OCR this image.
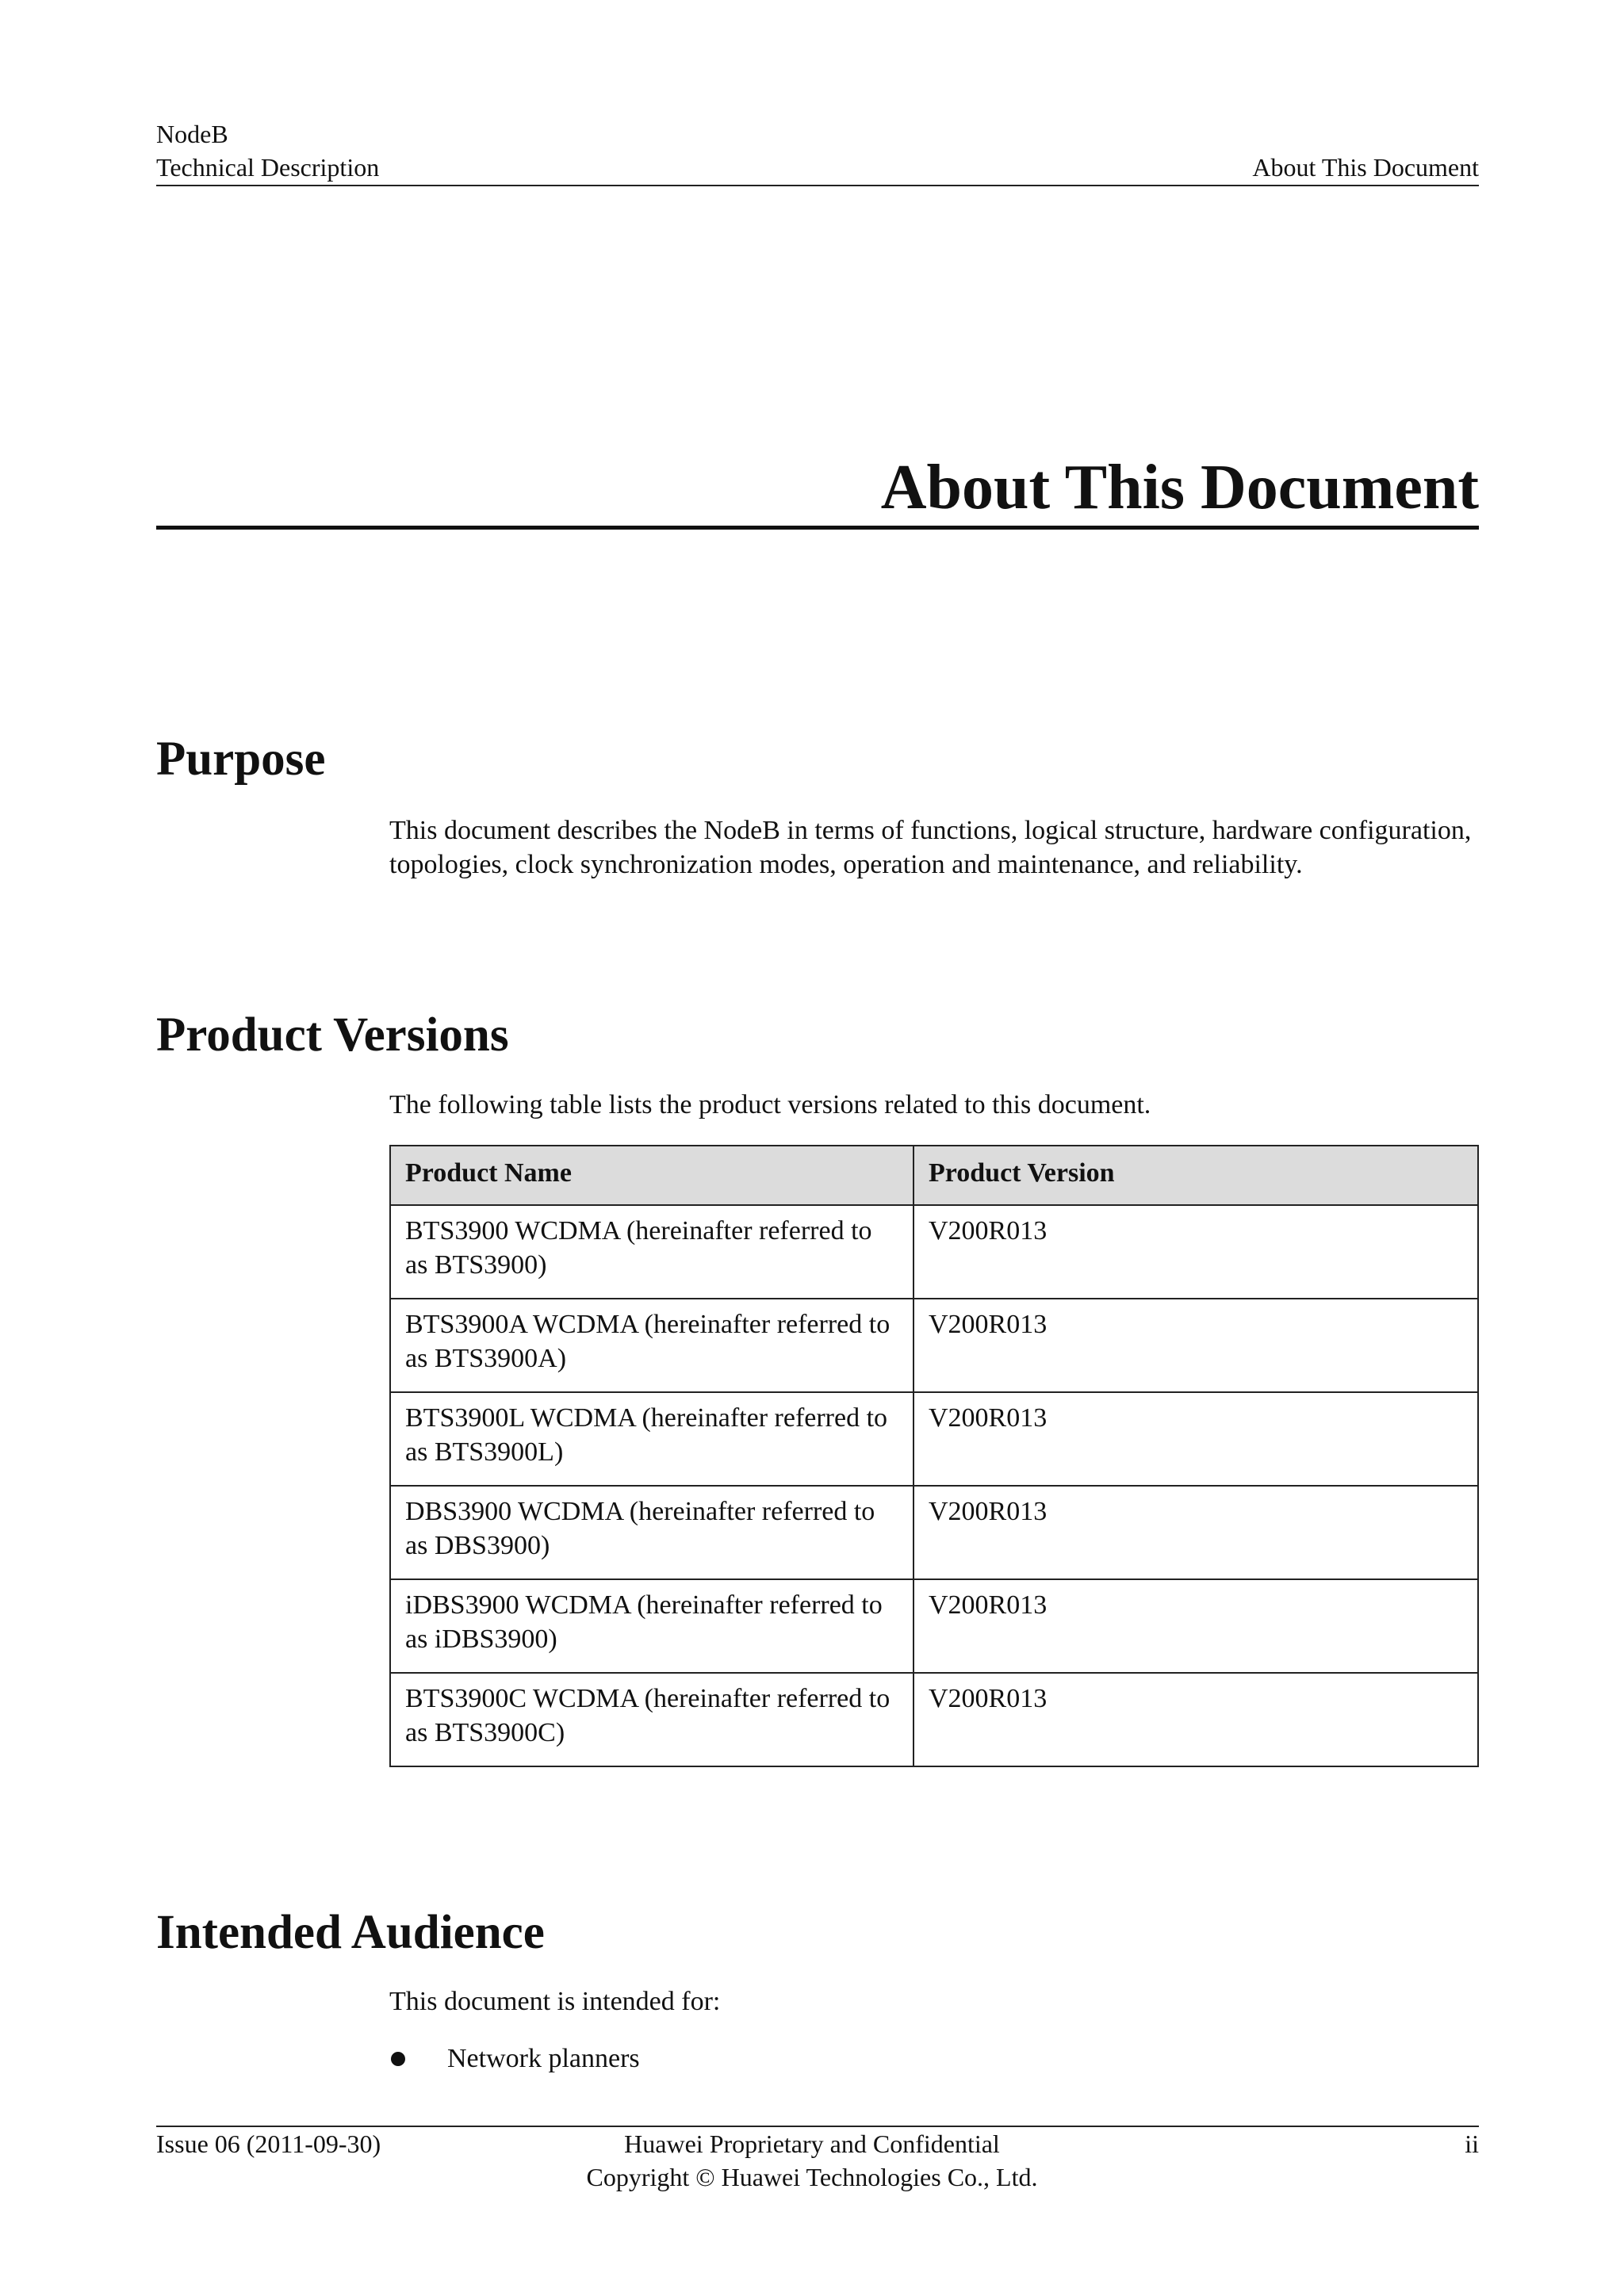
NodeB
Technical Description	About This Document
About This Document
Purpose
This document describes the NodeB in terms of functions, logical structure, hardware configuration, topologies, clock synchronization modes, operation and maintenance, and reliability.
Product Versions
The following table lists the product versions related to this document.
Product Name	Product Version
BTS3900 WCDMA (hereinafter referred to as BTS3900)	V200R013
BTS3900A WCDMA (hereinafter referred to as BTS3900A)	V200R013
BTS3900L WCDMA (hereinafter referred to as BTS3900L)	V200R013
DBS3900 WCDMA (hereinafter referred to as DBS3900)	V200R013
iDBS3900 WCDMA (hereinafter referred to as iDBS3900)	V200R013
BTS3900C WCDMA (hereinafter referred to as BTS3900C)	V200R013
Intended Audience
This document is intended for:
Network planners
Issue 06 (2011-09-30)	Huawei Proprietary and Confidential
Copyright © Huawei Technologies Co., Ltd.
ii
